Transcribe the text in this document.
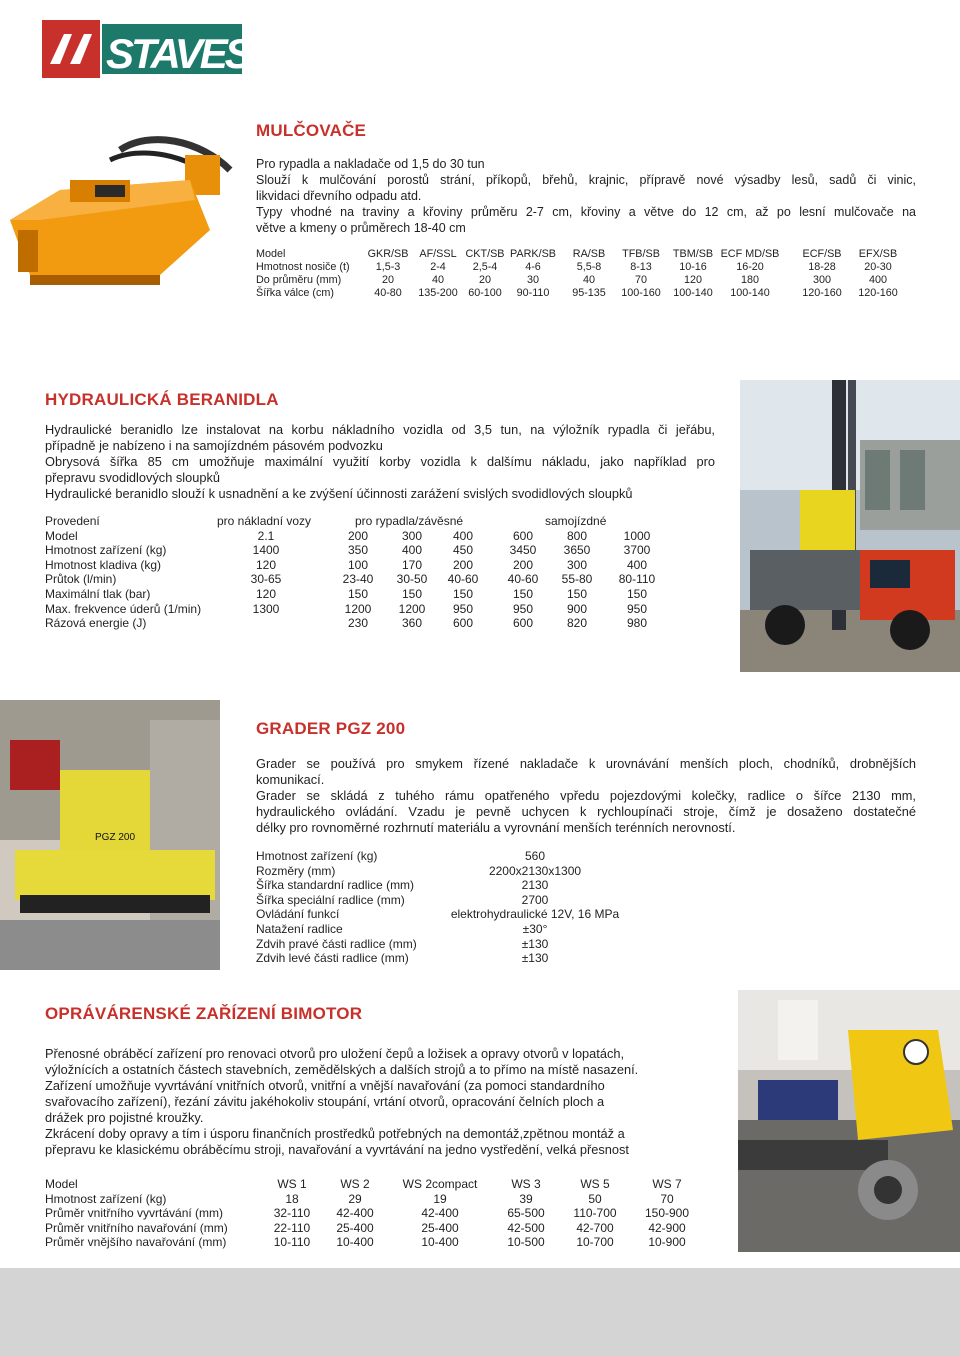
STAVES
MULČOVAČE
Pro rypadla a nakladače od 1,5 do 30 tun
Slouží k mulčování porostů strání, příkopů, břehů, krajnic, přípravě nové výsadby lesů, sadů či vinic,
likvidaci dřevního odpadu atd.
Typy vhodné na traviny a křoviny průměru 2-7 cm, křoviny a větve do 12 cm, až po lesní mulčovače na
větve a kmeny o průměrech 18-40 cm
Model	GKR/SB AF/SSL CKT/SB PARK/SB RA/SB TFB/SB TBM/SB ECF MD/SB ECF/SB EFX/SB
Hmotnost nosiče (t) 1,5-3	2-4 2,5-4	4-6	5,5-8	8-13	10-16	16-20	18-28	20-30
Do průměru (mm)	20	40	20	30	40	70	120	180	300	400
Šířka válce (cm)	40-80 135-200 60-100 90-110 95-135 100-160 100-140 100-140	120-160 120-160
HYDRAULICKÁ BERANIDLA
Hydraulické beranidlo lze instalovat na korbu nákladního vozidla od 3,5 tun, na výložník rypadla či jeřábu,
případně je nabízeno i na samojízdném pásovém podvozku
Obrysová šířka 85 cm umožňuje maximální využití korby vozidla k dalšímu nákladu, jako například pro
přepravu svodidlových sloupků
Hydraulické beranidlo slouží k usnadnění a ke zvýšení účinnosti zarážení svislých svodidlových sloupků
Provedení	pro nákladní vozy	pro rypadla/závěsné	samojízdné
Model	2.1	200	300	400	600	800	1000
Hmotnost zařízení (kg)	1400	350	400	450	3450 3650	3700
Hmotnost kladiva (kg)	120	100	170	200	200	300	400
Průtok (l/min)	30-65	23-40 30-50 40-60 40-60 55-80 80-110
Maximální tlak (bar)	120	150	150	150	150	150	150
Max. frekvence úderů (1/min)	1300	1200 1200 950	950	900	950
Rázová energie (J)	230	360	600	600	820	980
PGZ 200
GRADER PGZ 200
Grader se používá pro smykem řízené nakladače k urovnávání menších ploch, chodníků, drobnějších
komunikací.
Grader se skládá z tuhého rámu opatřeného vpředu pojezdovými kolečky, radlice o šířce 2130 mm,
hydraulického ovládání. Vzadu je pevně uchycen k rychloupínači stroje, čímž je dosaženo dostatečné
délky pro rovnoměrné rozhrnutí materiálu a vyrovnání menších terénních nerovností.
Hmotnost zařízení (kg)	560
Rozměry (mm)	2200x2130x1300
Šířka standardní radlice (mm)	2130
Šířka speciální radlice (mm)	2700
Ovládání funkcí	elektrohydraulické 12V, 16 MPa
Natažení radlice	±30°
Zdvih pravé části radlice (mm)	±130
Zdvih levé části radlice (mm)	±130
OPRÁVÁRENSKÉ ZAŘÍZENÍ BIMOTOR
Přenosné obráběcí zařízení pro renovaci otvorů pro uložení čepů a ložisek a opravy otvorů v lopatách,
výložnících a ostatních částech stavebních, zemědělských a dalších strojů a to přímo na místě nasazení.
Zařízení umožňuje vyvrtávání vnitřních otvorů, vnitřní a vnější navařování (za pomoci standardního
svařovacího zařízení), řezání závitu jakéhokoliv stoupání, vrtání otvorů, opracování čelních ploch a
drážek pro pojistné kroužky.
Zkrácení doby opravy a tím i úsporu finančních prostředků potřebných na demontáž,zpětnou montáž a
přepravu ke klasickému obráběcímu stroji, navařování a vyvrtávání na jedno vystředění, velká přesnost
Model	WS 1	WS 2	WS 2compact	WS 3	WS 5	WS 7
Hmotnost zařízení (kg)	18	29	19	39	50	70
Průměr vnitřního vyvrtávání (mm)	32-110 42-400	42-400	65-500 110-700 150-900
Průměr vnitřního navařování (mm)	22-110 25-400	25-400	42-500	42-700	42-900
Průměr vnějšího navařování (mm)	10-110 10-400	10-400	10-500	10-700	10-900
